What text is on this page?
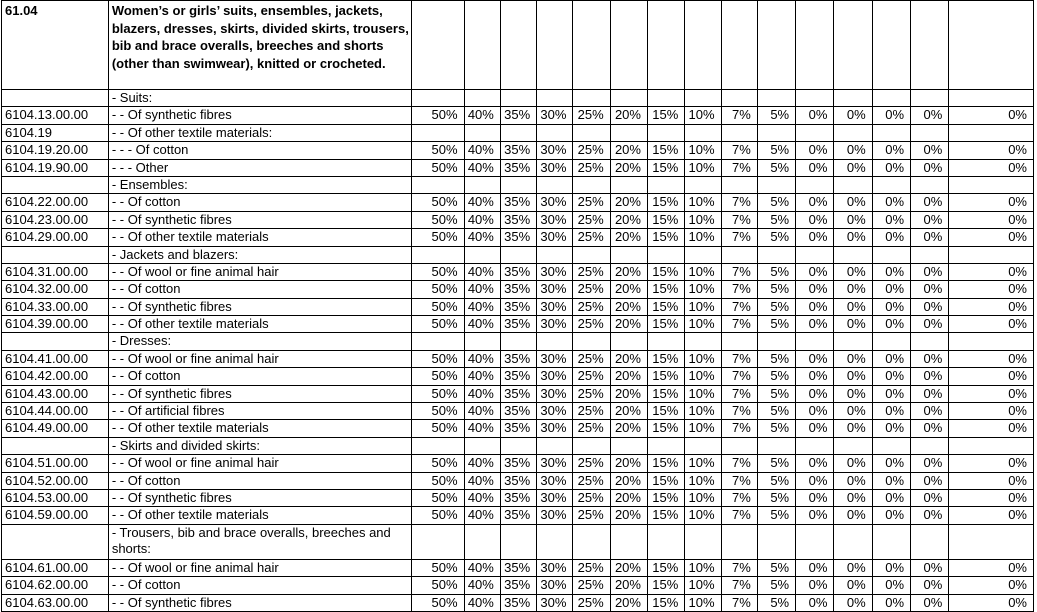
61.04	Women’s or girls’ suits, ensembles, jackets, blazers, dresses, skirts, divided skirts, trousers, bib and brace overalls, breeches and shorts (other than swimwear), knitted or crocheted.															
	- Suits:															
6104.13.00.00	- - Of synthetic fibres	50%	40%	35%	30%	25%	20%	15%	10%	7%	5%	0%	0%	0%	0%	0%
6104.19	- - Of other textile materials:															
6104.19.20.00	- - - Of cotton	50%	40%	35%	30%	25%	20%	15%	10%	7%	5%	0%	0%	0%	0%	0%
6104.19.90.00	- - - Other	50%	40%	35%	30%	25%	20%	15%	10%	7%	5%	0%	0%	0%	0%	0%
	- Ensembles:															
6104.22.00.00	- - Of cotton	50%	40%	35%	30%	25%	20%	15%	10%	7%	5%	0%	0%	0%	0%	0%
6104.23.00.00	- - Of synthetic fibres	50%	40%	35%	30%	25%	20%	15%	10%	7%	5%	0%	0%	0%	0%	0%
6104.29.00.00	- - Of other textile materials	50%	40%	35%	30%	25%	20%	15%	10%	7%	5%	0%	0%	0%	0%	0%
	- Jackets and blazers:															
6104.31.00.00	- - Of wool or fine animal hair	50%	40%	35%	30%	25%	20%	15%	10%	7%	5%	0%	0%	0%	0%	0%
6104.32.00.00	- - Of cotton	50%	40%	35%	30%	25%	20%	15%	10%	7%	5%	0%	0%	0%	0%	0%
6104.33.00.00	- - Of synthetic fibres	50%	40%	35%	30%	25%	20%	15%	10%	7%	5%	0%	0%	0%	0%	0%
6104.39.00.00	- - Of other textile materials	50%	40%	35%	30%	25%	20%	15%	10%	7%	5%	0%	0%	0%	0%	0%
	- Dresses:															
6104.41.00.00	- - Of wool or fine animal hair	50%	40%	35%	30%	25%	20%	15%	10%	7%	5%	0%	0%	0%	0%	0%
6104.42.00.00	- - Of cotton	50%	40%	35%	30%	25%	20%	15%	10%	7%	5%	0%	0%	0%	0%	0%
6104.43.00.00	- - Of synthetic fibres	50%	40%	35%	30%	25%	20%	15%	10%	7%	5%	0%	0%	0%	0%	0%
6104.44.00.00	- - Of artificial fibres	50%	40%	35%	30%	25%	20%	15%	10%	7%	5%	0%	0%	0%	0%	0%
6104.49.00.00	- - Of other textile materials	50%	40%	35%	30%	25%	20%	15%	10%	7%	5%	0%	0%	0%	0%	0%
	- Skirts and divided skirts:															
6104.51.00.00	- - Of wool or fine animal hair	50%	40%	35%	30%	25%	20%	15%	10%	7%	5%	0%	0%	0%	0%	0%
6104.52.00.00	- - Of cotton	50%	40%	35%	30%	25%	20%	15%	10%	7%	5%	0%	0%	0%	0%	0%
6104.53.00.00	- - Of synthetic fibres	50%	40%	35%	30%	25%	20%	15%	10%	7%	5%	0%	0%	0%	0%	0%
6104.59.00.00	- - Of other textile materials	50%	40%	35%	30%	25%	20%	15%	10%	7%	5%	0%	0%	0%	0%	0%
	- Trousers, bib and brace overalls, breeches and shorts:															
6104.61.00.00	- - Of wool or fine animal hair	50%	40%	35%	30%	25%	20%	15%	10%	7%	5%	0%	0%	0%	0%	0%
6104.62.00.00	- - Of cotton	50%	40%	35%	30%	25%	20%	15%	10%	7%	5%	0%	0%	0%	0%	0%
6104.63.00.00	- - Of synthetic fibres	50%	40%	35%	30%	25%	20%	15%	10%	7%	5%	0%	0%	0%	0%	0%
